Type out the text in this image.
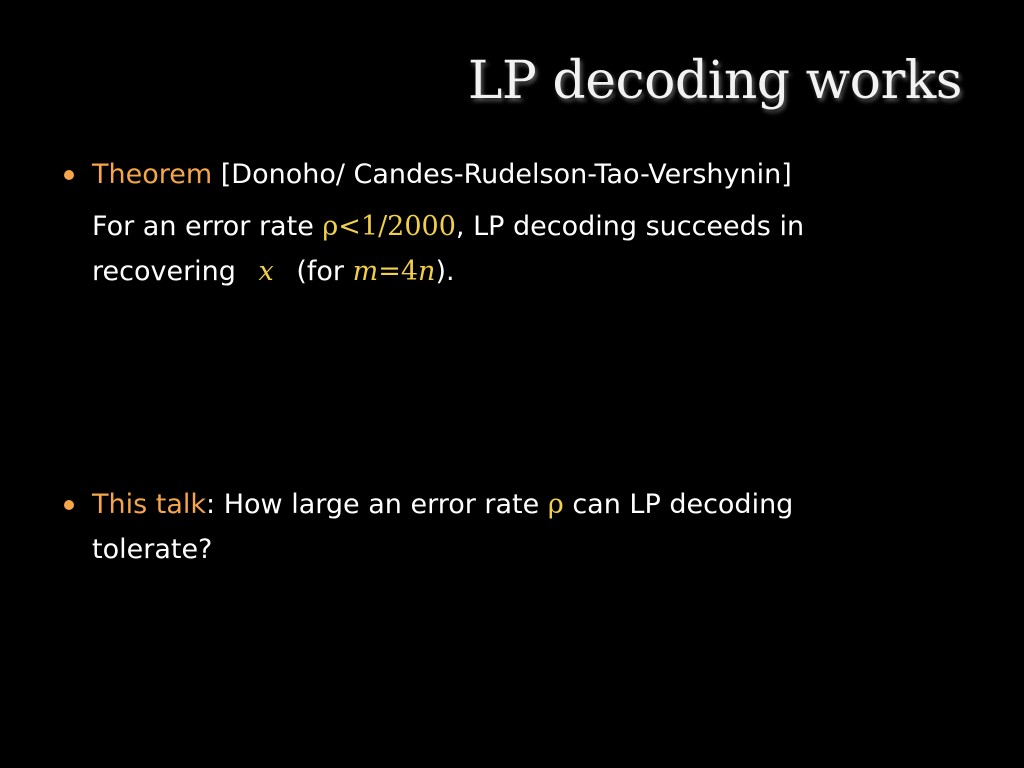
LP decoding works
Theorem [Donoho/ Candes-Rudelson-Tao-Vershynin]
For an error rate ρ<1/2000, LP decoding succeeds in recovering x (for m=4n).
This talk: How large an error rate ρ can LP decoding tolerate?
